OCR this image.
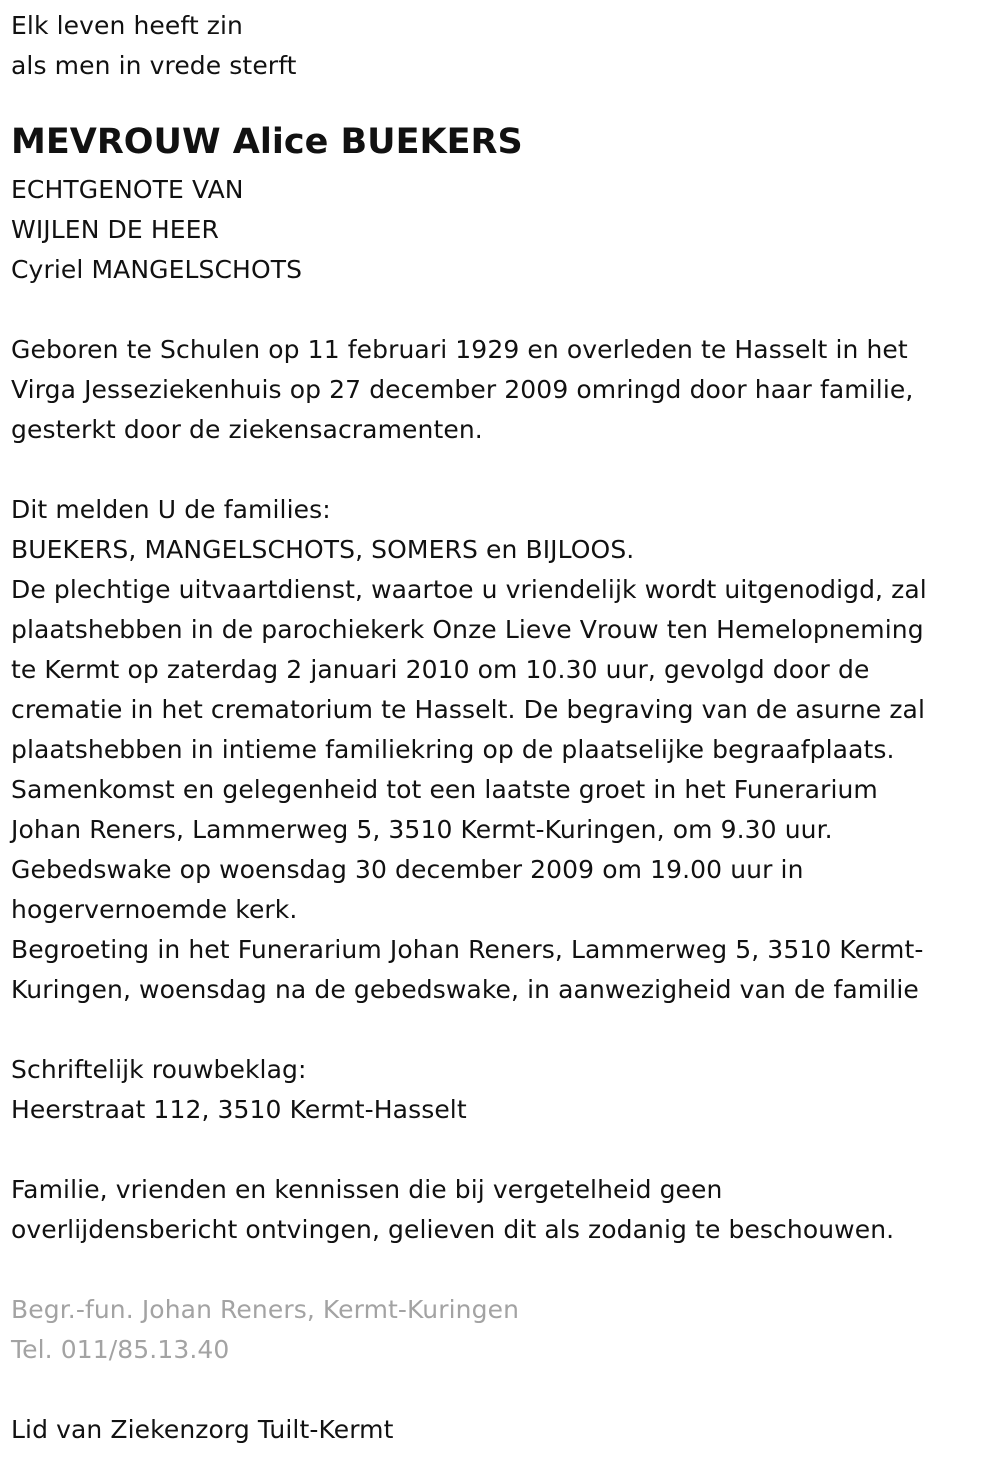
Elk leven heeft zin
als men in vrede sterft
MEVROUW Alice BUEKERS
ECHTGENOTE VAN
WIJLEN DE HEER
Cyriel MANGELSCHOTS
Geboren te Schulen op 11 februari 1929 en overleden te Hasselt in het
Virga Jesseziekenhuis op 27 december 2009 omringd door haar familie,
gesterkt door de ziekensacramenten.
Dit melden U de families:
BUEKERS, MANGELSCHOTS, SOMERS en BIJLOOS.
De plechtige uitvaartdienst, waartoe u vriendelijk wordt uitgenodigd, zal
plaatshebben in de parochiekerk Onze Lieve Vrouw ten Hemelopneming
te Kermt op zaterdag 2 januari 2010 om 10.30 uur, gevolgd door de
crematie in het crematorium te Hasselt. De begraving van de asurne zal
plaatshebben in intieme familiekring op de plaatselijke begraafplaats.
Samenkomst en gelegenheid tot een laatste groet in het Funerarium
Johan Reners, Lammerweg 5, 3510 Kermt-Kuringen, om 9.30 uur.
Gebedswake op woensdag 30 december 2009 om 19.00 uur in
hogervernoemde kerk.
Begroeting in het Funerarium Johan Reners, Lammerweg 5, 3510 Kermt-
Kuringen, woensdag na de gebedswake, in aanwezigheid van de familie
Schriftelijk rouwbeklag:
Heerstraat 112, 3510 Kermt-Hasselt
Familie, vrienden en kennissen die bij vergetelheid geen
overlijdensbericht ontvingen, gelieven dit als zodanig te beschouwen.
Begr.-fun. Johan Reners, Kermt-Kuringen
Tel. 011/85.13.40
Lid van Ziekenzorg Tuilt-Kermt
